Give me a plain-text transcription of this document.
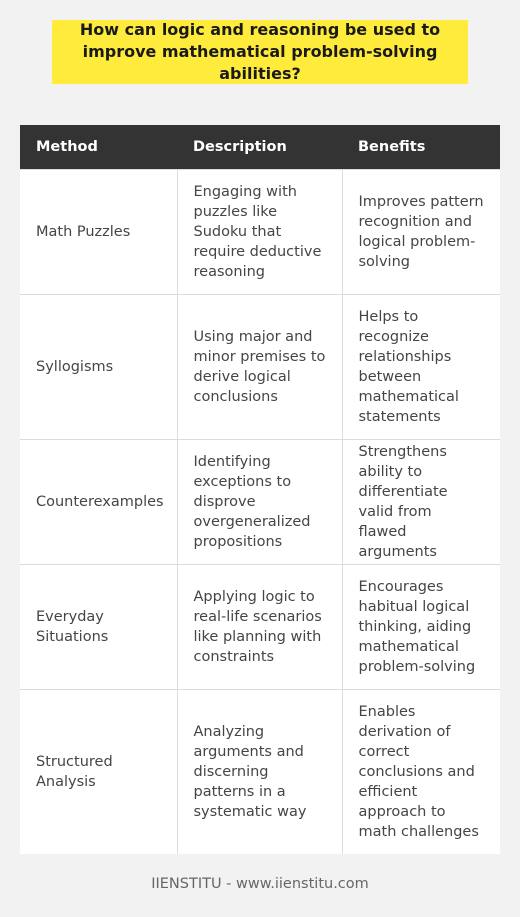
How can logic and reasoning be used to improve mathematical problem-solving abilities?
Method	Description	Benefits
Math Puzzles	Engaging with puzzles like Sudoku that require deductive reasoning	Improves pattern recognition and logical problem-solving
Syllogisms	Using major and minor premises to derive logical conclusions	Helps to recognize relationships between mathematical statements
Counterexamples	Identifying exceptions to disprove overgeneralized propositions	Strengthens ability to differentiate valid from flawed arguments
Everyday Situations	Applying logic to real-life scenarios like planning with constraints	Encourages habitual logical thinking, aiding mathematical problem-solving
Structured Analysis	Analyzing arguments and discerning patterns in a systematic way	Enables derivation of correct conclusions and efficient approach to math challenges
IIENSTITU - www.iienstitu.com
